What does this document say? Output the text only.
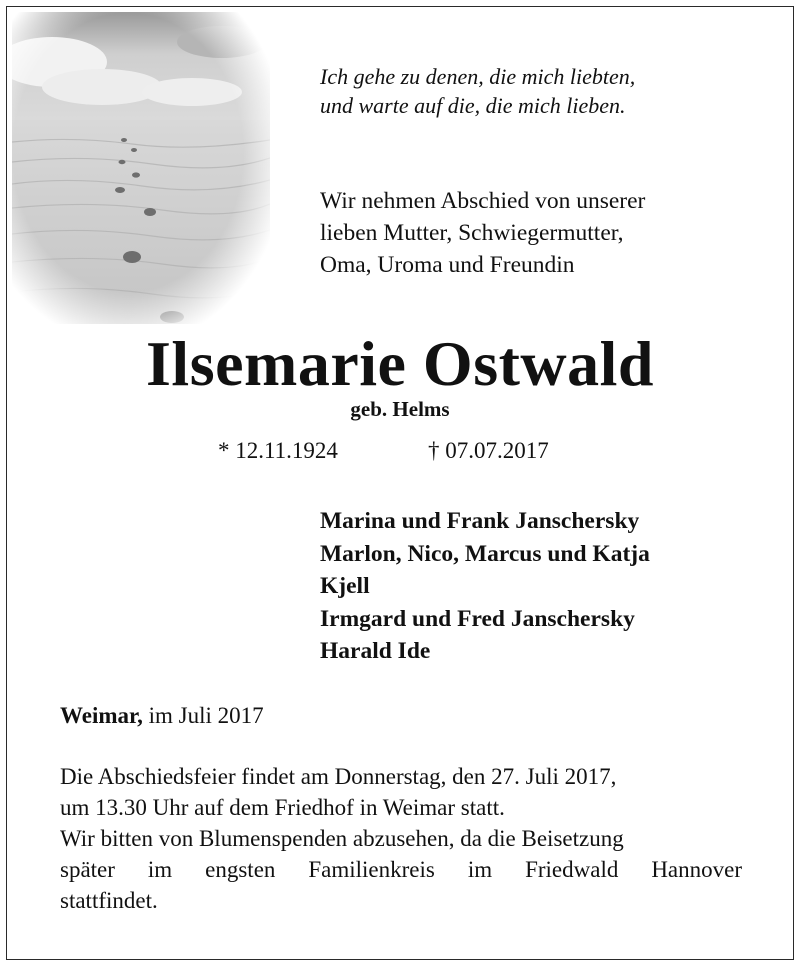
Ich gehe zu denen, die mich liebten,
und warte auf die, die mich lieben.
Wir nehmen Abschied von unserer
lieben Mutter, Schwiegermutter,
Oma, Uroma und Freundin
Ilsemarie Ostwald
geb. Helms
* 12.11.1924	† 07.07.2017
Marina und Frank Janschersky
Marlon, Nico, Marcus und Katja
Kjell
Irmgard und Fred Janschersky
Harald Ide
Weimar, im Juli 2017
Die Abschiedsfeier findet am Donnerstag, den 27. Juli 2017,
um 13.30 Uhr auf dem Friedhof in Weimar statt.
Wir bitten von Blumenspenden abzusehen, da die Beisetzung
später im engsten Familienkreis im Friedwald Hannover
stattfindet.
